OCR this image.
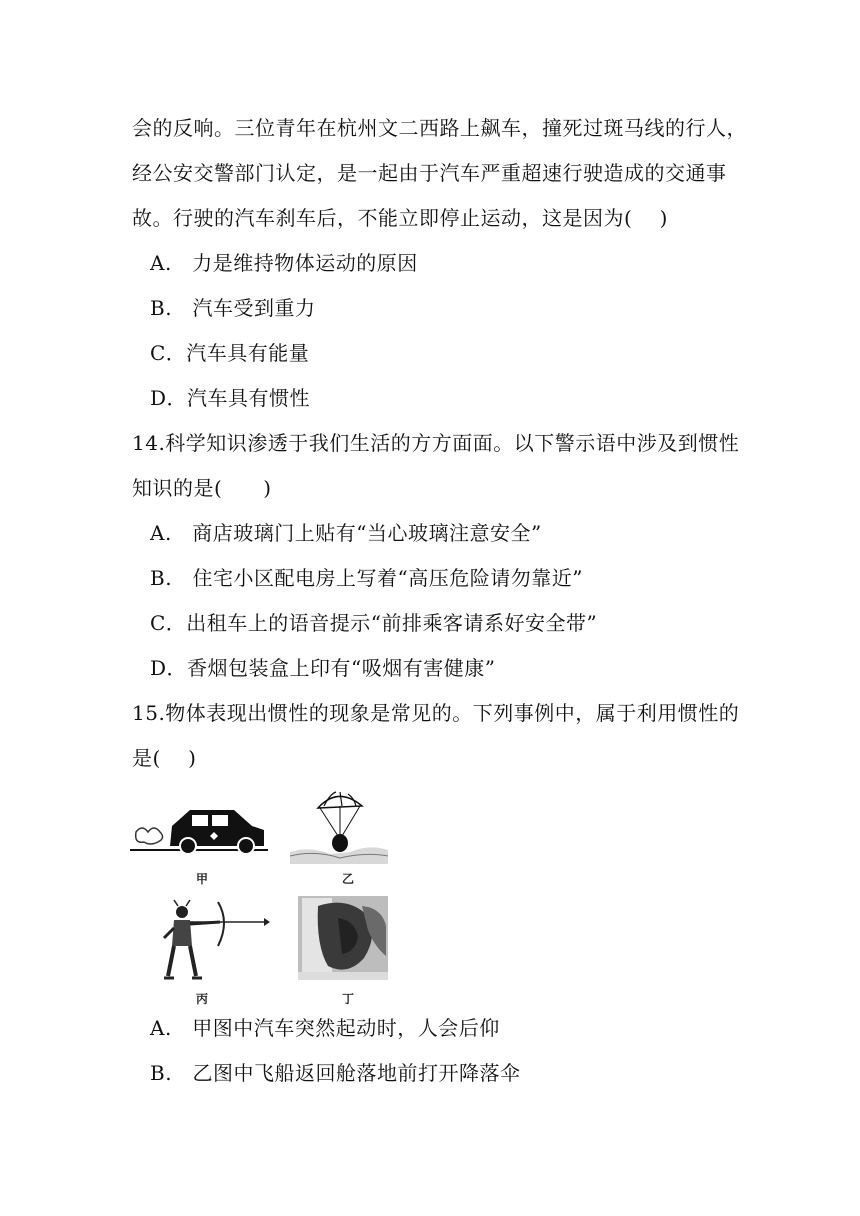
会的反响。三位青年在杭州文二西路上飙车，撞死过斑马线的行人，
经公安交警部门认定，是一起由于汽车严重超速行驶造成的交通事
故。行驶的汽车刹车后，不能立即停止运动，这是因为(　 )
A.　力是维持物体运动的原因
B.　汽车受到重力
C．汽车具有能量
D．汽车具有惯性
14.科学知识渗透于我们生活的方方面面。以下警示语中涉及到惯性
知识的是(　　)
A.　商店玻璃门上贴有“当心玻璃注意安全”
B.　住宅小区配电房上写着“高压危险请勿靠近”
C．出租车上的语音提示“前排乘客请系好安全带”
D．香烟包装盒上印有“吸烟有害健康”
15.物体表现出惯性的现象是常见的。下列事例中，属于利用惯性的
是(　 )
甲	乙
丙	丁
A.　甲图中汽车突然起动时，人会后仰
B.　乙图中飞船返回舱落地前打开降落伞
